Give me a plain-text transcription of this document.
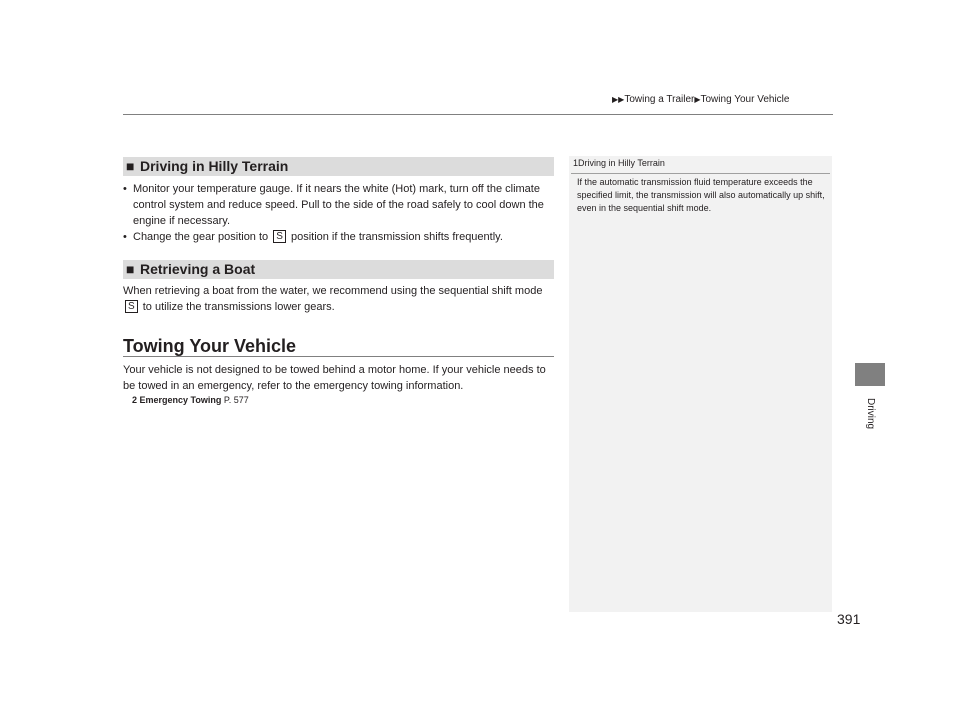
▶▶Towing a Trailer▶Towing Your Vehicle
Driving
■ Driving in Hilly Terrain
• Monitor your temperature gauge. If it nears the white (Hot) mark, turn off the climate control system and reduce speed. Pull to the side of the road safely to cool down the engine if necessary.
• Change the gear position to S position if the transmission shifts frequently.
■ Retrieving a Boat
When retrieving a boat from the water, we recommend using the sequential shift mode S to utilize the transmissions lower gears.
Towing Your Vehicle
Your vehicle is not designed to be towed behind a motor home. If your vehicle needs to be towed in an emergency, refer to the emergency towing information.
2 Emergency Towing P. 577
1Driving in Hilly Terrain
If the automatic transmission fluid temperature exceeds the specified limit, the transmission will also automatically up shift, even in the sequential shift mode.
391
